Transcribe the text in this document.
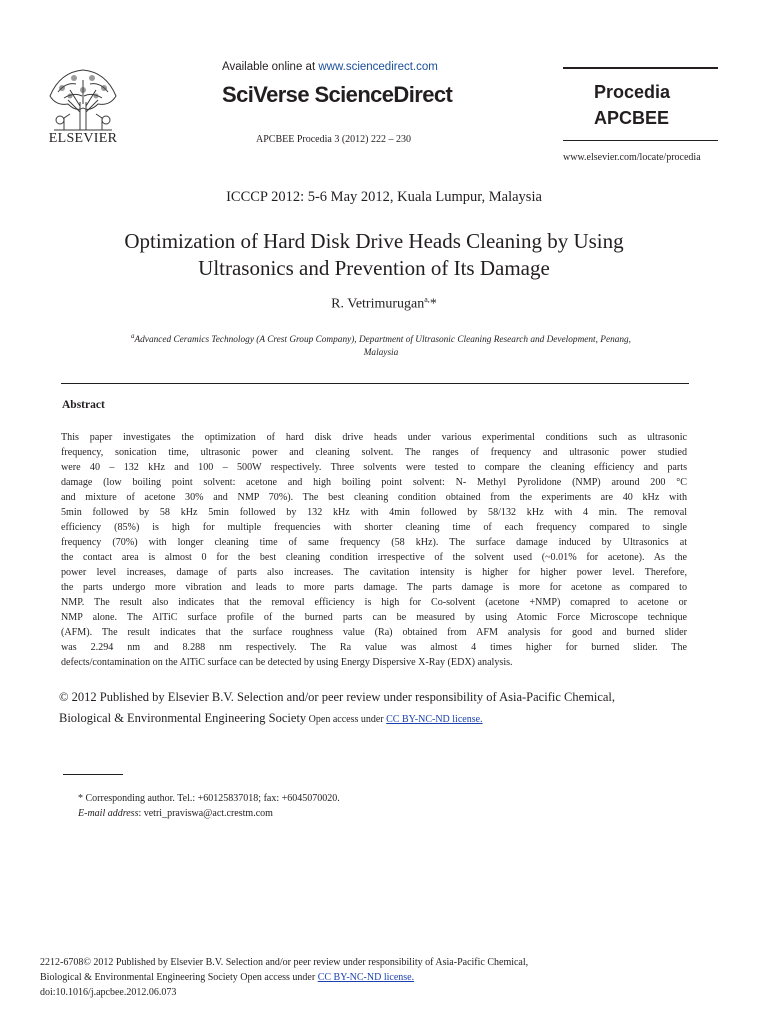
ELSEVIER
Available online at www.sciencedirect.com
SciVerse ScienceDirect
APCBEE Procedia 3 (2012) 222 – 230
Procedia
APCBEE
www.elsevier.com/locate/procedia
ICCCP 2012: 5-6 May 2012, Kuala Lumpur, Malaysia
Optimization of Hard Disk Drive Heads Cleaning by Using
Ultrasonics and Prevention of Its Damage
R. Vetrimurugan$^{a,}$*
$^a$Advanced Ceramics Technology (A Crest Group Company), Department of Ultrasonic Cleaning Research and Development, Penang,
Malaysia
Abstract
This paper investigates the optimization of hard disk drive heads under various experimental conditions such as ultrasonic
frequency, sonication time, ultrasonic power and cleaning solvent. The ranges of frequency and ultrasonic power studied
were 40 – 132 kHz and 100 – 500W respectively. Three solvents were tested to compare the cleaning efficiency and parts
damage (low boiling point solvent: acetone and high boiling point solvent: N- Methyl Pyrolidone (NMP) around 200 °C
and mixture of acetone 30% and NMP 70%). The best cleaning condition obtained from the experiments are 40 kHz with
5min followed by 58 kHz 5min followed by 132 kHz with 4min followed by 58/132 kHz with 4 min. The removal
efficiency (85%) is high for multiple frequencies with shorter cleaning time of each frequency compared to single
frequency (70%) with longer cleaning time of same frequency (58 kHz). The surface damage induced by Ultrasonics at
the contact area is almost 0 for the best cleaning condition irrespective of the solvent used (~0.01% for acetone). As the
power level increases, damage of parts also increases. The cavitation intensity is higher for higher power level. Therefore,
the parts undergo more vibration and leads to more parts damage. The parts damage is more for acetone as compared to
NMP. The result also indicates that the removal efficiency is high for Co-solvent (acetone +NMP) comapred to acetone or
NMP alone. The AlTiC surface profile of the burned parts can be measured by using Atomic Force Microscope technique
(AFM). The result indicates that the surface roughness value (Ra) obtained from AFM analysis for good and burned slider
was 2.294 nm and 8.288 nm respectively. The Ra value was almost 4 times higher for burned slider. The
defects/contamination on the AlTiC surface can be detected by using Energy Dispersive X-Ray (EDX) analysis.
© 2012 Published by Elsevier B.V. Selection and/or peer review under responsibility of Asia-Pacific Chemical,
Biological & Environmental Engineering Society Open access under CC BY-NC-ND license.
* Corresponding author. Tel.: +60125837018; fax: +6045070020.
E-mail address: vetri_praviswa@act.crestm.com
2212-6708© 2012 Published by Elsevier B.V. Selection and/or peer review under responsibility of Asia-Pacific Chemical,
Biological & Environmental Engineering Society Open access under CC BY-NC-ND license.
doi:10.1016/j.apcbee.2012.06.073
